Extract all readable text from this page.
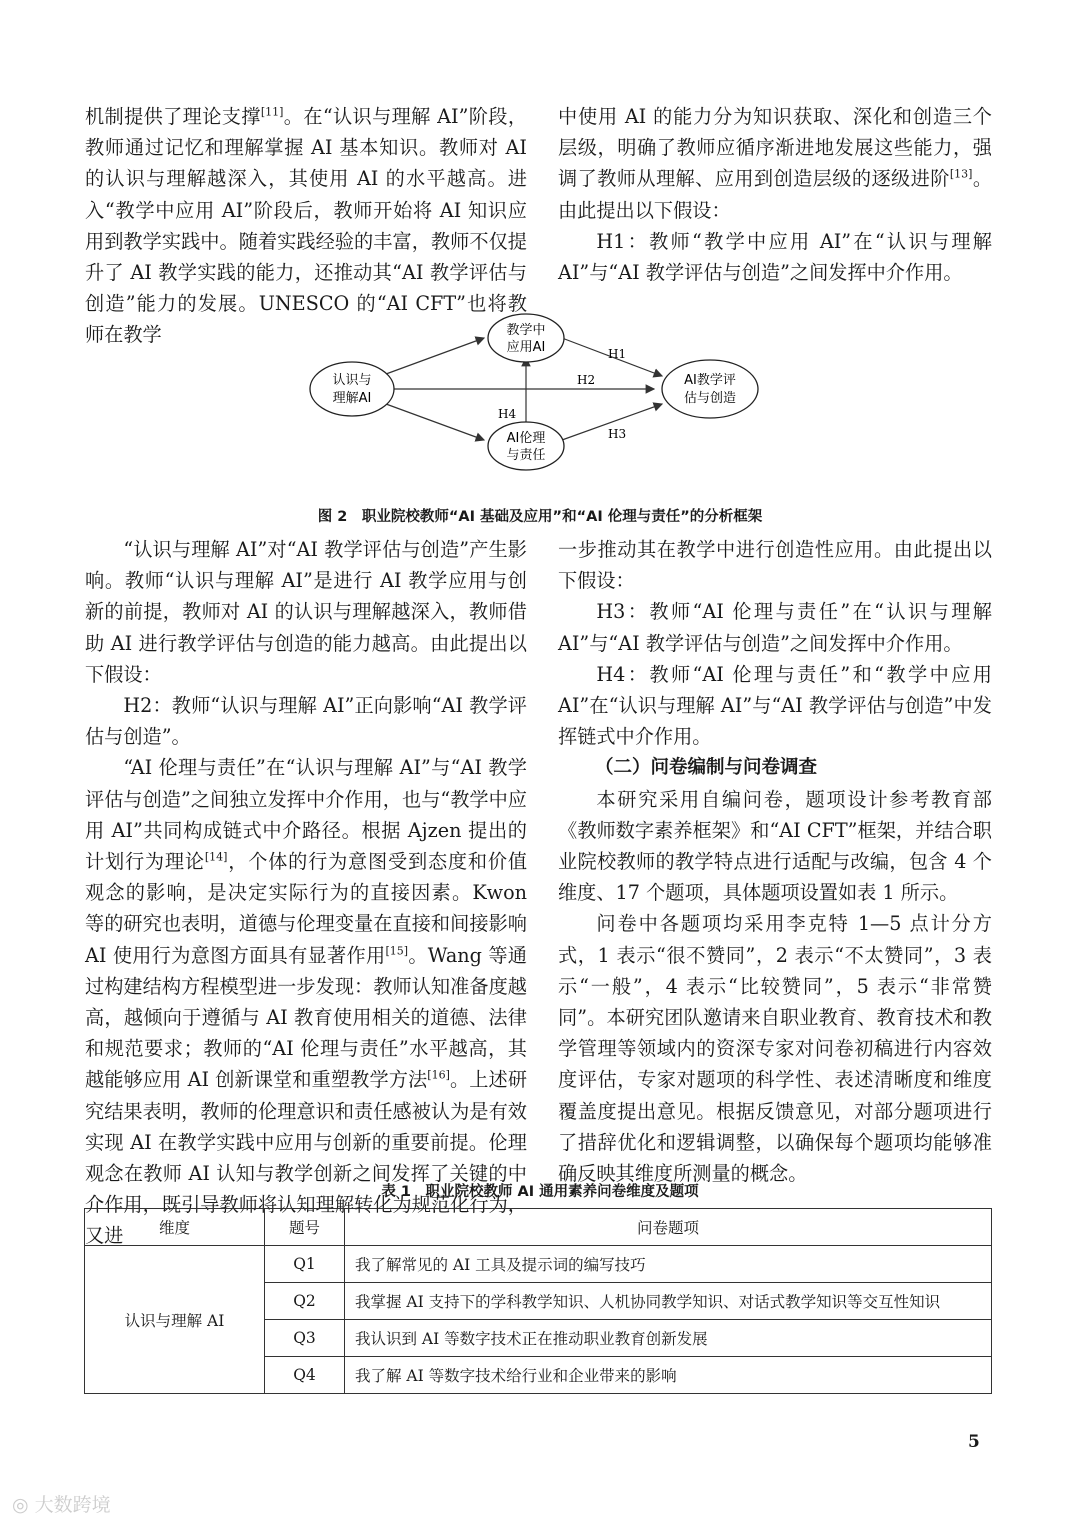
机制提供了理论支撑[11]。在“认识与理解 AI”阶段，教师通过记忆和理解掌握 AI 基本知识。教师对 AI 的认识与理解越深入，其使用 AI 的水平越高。进入“教学中应用 AI”阶段后，教师开始将 AI 知识应用到教学实践中。随着实践经验的丰富，教师不仅提升了 AI 教学实践的能力，还推动其“AI 教学评估与创造”能力的发展。UNESCO 的“AI CFT”也将教师在教学

中使用 AI 的能力分为知识获取、深化和创造三个层级，明确了教师应循序渐进地发展这些能力，强调了教师从理解、应用到创造层级的逐级进阶[13]。由此提出以下假设：

H1：教师“教学中应用 AI”在“认识与理解 AI”与“AI 教学评估与创造”之间发挥中介作用。

认识与
理解AI
教学中
应用AI
AI教学评
估与创造
AI伦理
与责任
H1
H2
H3
H4
图 2　职业院校教师“AI 基础及应用”和“AI 伦理与责任”的分析框架

“认识与理解 AI”对“AI 教学评估与创造”产生影响。教师“认识与理解 AI”是进行 AI 教学应用与创新的前提，教师对 AI 的认识与理解越深入，教师借助 AI 进行教学评估与创造的能力越高。由此提出以下假设：

H2：教师“认识与理解 AI”正向影响“AI 教学评估与创造”。

“AI 伦理与责任”在“认识与理解 AI”与“AI 教学评估与创造”之间独立发挥中介作用，也与“教学中应用 AI”共同构成链式中介路径。根据 Ajzen 提出的计划行为理论[14]，个体的行为意图受到态度和价值观念的影响，是决定实际行为的直接因素。Kwon 等的研究也表明，道德与伦理变量在直接和间接影响 AI 使用行为意图方面具有显著作用[15]。Wang 等通过构建结构方程模型进一步发现：教师认知准备度越高，越倾向于遵循与 AI 教育使用相关的道德、法律和规范要求；教师的“AI 伦理与责任”水平越高，其越能够应用 AI 创新课堂和重塑教学方法[16]。上述研究结果表明，教师的伦理意识和责任感被认为是有效实现 AI 在教学实践中应用与创新的重要前提。伦理观念在教师 AI 认知与教学创新之间发挥了关键的中介作用，既引导教师将认知理解转化为规范化行为，又进

一步推动其在教学中进行创造性应用。由此提出以下假设：

H3：教师“AI 伦理与责任”在“认识与理解 AI”与“AI 教学评估与创造”之间发挥中介作用。

H4：教师“AI 伦理与责任”和“教学中应用 AI”在“认识与理解 AI”与“AI 教学评估与创造”中发挥链式中介作用。

（二）问卷编制与问卷调查

本研究采用自编问卷，题项设计参考教育部《教师数字素养框架》和“AI CFT”框架，并结合职业院校教师的教学特点进行适配与改编，包含 4 个维度、17 个题项，具体题项设置如表 1 所示。

问卷中各题项均采用李克特 1—5 点计分方式，1 表示“很不赞同”，2 表示“不太赞同”，3 表示“一般”，4 表示“比较赞同”，5 表示“非常赞同”。本研究团队邀请来自职业教育、教育技术和教学管理等领域内的资深专家对问卷初稿进行内容效度评估，专家对题项的科学性、表述清晰度和维度覆盖度提出意见。根据反馈意见，对部分题项进行了措辞优化和逻辑调整，以确保每个题项均能够准确反映其维度所测量的概念。

表 1　职业院校教师 AI 通用素养问卷维度及题项
维度	题号	问卷题项
认识与理解 AI	Q1	我了解常见的 AI 工具及提示词的编写技巧
	Q2	我掌握 AI 支持下的学科教学知识、人机协同教学知识、对话式教学知识等交互性知识
	Q3	我认识到 AI 等数字技术正在推动职业教育创新发展
	Q4	我了解 AI 等数字技术给行业和企业带来的影响
5
◎ 大数跨境
